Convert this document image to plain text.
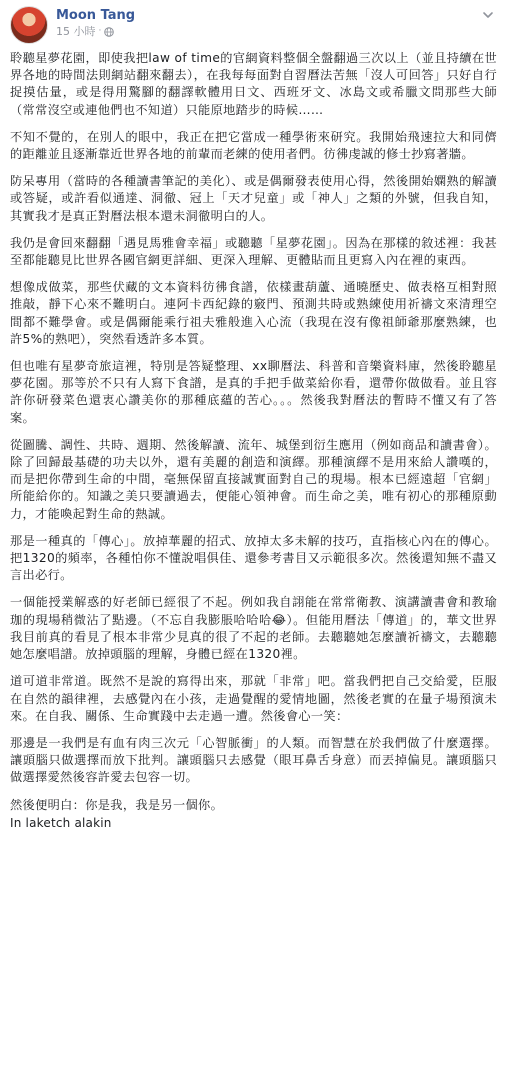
Moon Tang
15 小時 ·

聆聽星夢花園，即使我把law of time的官網資料整個全盤翻過三次以上（並且持續在世界各地的時間法則網站翻來翻去），在我每每面對自習曆法苦無「沒人可回答」只好自行捉摸估量，或是得用驚腳的翻譯軟體用日文、西班牙文、冰島文或希臘文問那些大師（常常沒空或連他們也不知道）只能原地踏步的時候……

不知不覺的，在別人的眼中，我正在把它當成一種學術來研究。我開始飛速拉大和同儕的距離並且逐漸靠近世界各地的前輩而老練的使用者們。彷彿虔誠的修士抄寫著牆。

防呆專用（當時的各種讀書筆記的美化）、或是偶爾發表使用心得，然後開始嫻熟的解讀或答疑，或許看似通達、洞徹、冠上「天才兒童」或「神人」之類的外號，但我自知，其實我才是真正對曆法根本還未洞徹明白的人。

我仍是會回來翻翻「遇見馬雅會幸福」或聽聽「星夢花園」。因為在那樣的敘述裡：我甚至都能聽見比世界各國官網更詳細、更深入理解、更體貼而且更寫入內在裡的東西。

想像成做菜，那些伏藏的文本資料彷彿食譜，依樣畫葫蘆、通曉歷史、做表格互相對照推敲，靜下心來不難明白。連阿卡西紀錄的竅門、預測共時或熟練使用祈禱文來清理空間都不難學會。或是偶爾能乘行祖夫雅般進入心流（我現在沒有像祖師爺那麼熟練，也許5%的熟吧），突然看透許多本質。

但也唯有星夢奇旅這裡，特別是答疑整理、xx聊曆法、科普和音樂資料庫，然後聆聽星夢花園。那等於不只有人寫下食譜，是真的手把手做菜給你看，還帶你做做看。並且容許你研發菜色還衷心讚美你的那種底蘊的苦心。。。然後我對曆法的暫時不懂又有了答案。

從圖騰、調性、共時、週期、然後解讀、流年、城堡到衍生應用（例如商品和讀書會）。除了回歸最基礎的功夫以外，還有美麗的創造和演繹。那種演繹不是用來給人讚嘆的，而是把你帶到生命的中間，毫無保留直接誠實面對自己的現場。根本已經遠超「官網」所能給你的。知識之美只要讀過去，便能心領神會。而生命之美，唯有初心的那種原動力，才能喚起對生命的熱誠。

那是一種真的「傳心」。放掉華麗的招式、放掉太多未解的技巧，直指核心內在的傳心。把1320的頻率，各種怕你不懂說唱俱佳、還參考書目又示範很多次。然後還知無不盡又言出必行。

一個能授業解惑的好老師已經很了不起。例如我自詡能在常常衛教、演講讀書會和教瑜珈的現場稍微沾了點邊。（不忘自我膨脹哈哈哈😂）。但能用曆法「傳道」的，華文世界我目前真的看見了根本非常少見真的很了不起的老師。去聽聽她怎麼讀祈禱文，去聽聽她怎麼唱譜。放掉頭腦的理解，身體已經在1320裡。

道可道非常道。既然不是說的寫得出來，那就「非常」吧。當我們把自己交給愛，臣服在自然的韻律裡，去感覺內在小孩，走過覺醒的愛情地圖，然後老實的在量子場預演未來。在自我、關係、生命實踐中去走過一遭。然後會心一笑：

那邊是一我們是有血有肉三次元「心智脈衝」的人類。而智慧在於我們做了什麼選擇。讓頭腦只做選擇而放下批判。讓頭腦只去感覺（眼耳鼻舌身意）而丟掉偏見。讓頭腦只做選擇愛然後容許愛去包容一切。

然後便明白：你是我，我是另一個你。

In laketch alakin
